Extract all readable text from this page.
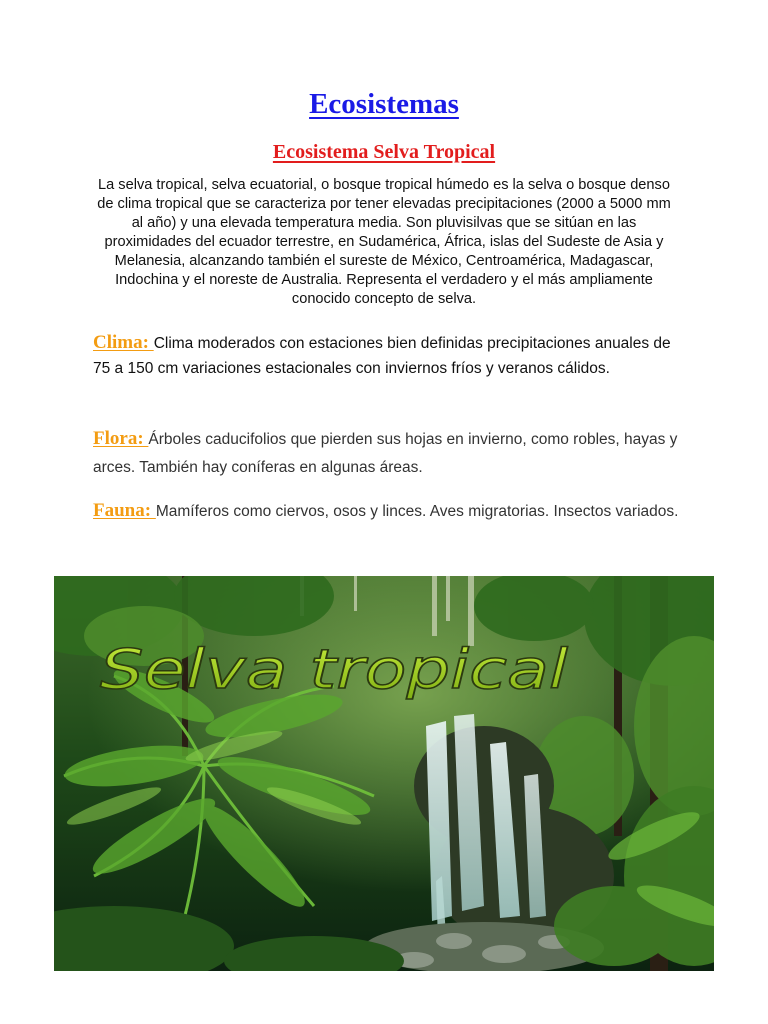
Ecosistemas
Ecosistema Selva Tropical

La selva tropical, selva ecuatorial, o bosque tropical húmedo es la selva o bosque denso de clima tropical que se caracteriza por tener elevadas precipitaciones (2000 a 5000 mm al año) y una elevada temperatura media. Son pluvisilvas que se sitúan en las proximidades del ecuador terrestre, en Sudamérica, África, islas del Sudeste de Asia y Melanesia, alcanzando también el sureste de México, Centroamérica, Madagascar, Indochina y el noreste de Australia. Representa el verdadero y el más ampliamente conocido concepto de selva.

Clima: Clima moderados con estaciones bien definidas precipitaciones anuales de 75 a 150 cm variaciones estacionales con inviernos fríos y veranos cálidos.

Flora: Árboles caducifolios que pierden sus hojas en invierno, como robles, hayas y arces. También hay coníferas en algunas áreas.

Fauna: Mamíferos como ciervos, osos y linces. Aves migratorias. Insectos variados.

Selva tropical
